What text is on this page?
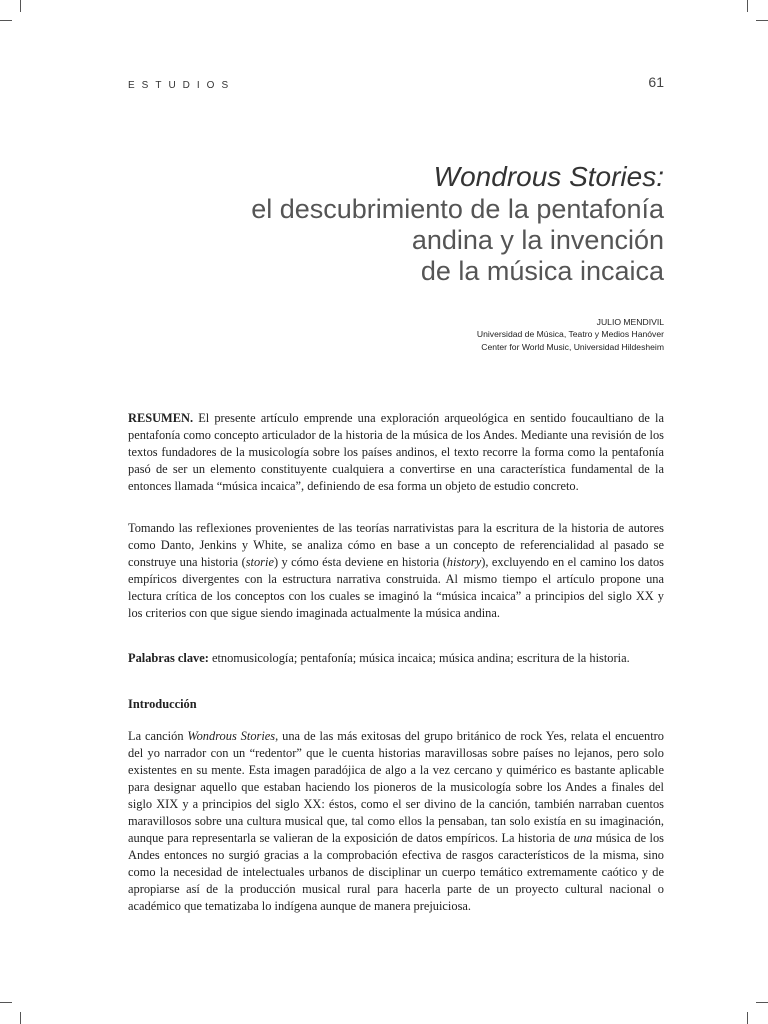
ESTUDIOS	61
Wondrous Stories:
el descubrimiento de la pentafonía
andina y la invención
de la música incaica
JULIO MENDIVIL
Universidad de Música, Teatro y Medios Hanóver
Center for World Music, Universidad Hildesheim

RESUMEN. El presente artículo emprende una exploración arqueológica en sentido foucaultiano de la pentafonía como concepto articulador de la historia de la música de los Andes. Mediante una revisión de los textos fundadores de la musicología sobre los países andinos, el texto recorre la forma como la pentafonía pasó de ser un elemento constituyente cualquiera a convertirse en una característica fundamental de la entonces llamada “música incaica”, definiendo de esa forma un objeto de estudio concreto.

Tomando las reflexiones provenientes de las teorías narrativistas para la escritura de la historia de autores como Danto, Jenkins y White, se analiza cómo en base a un concepto de referencialidad al pasado se construye una historia (storie) y cómo ésta deviene en historia (history), excluyendo en el camino los datos empíricos divergentes con la estructura narrativa construida. Al mismo tiempo el artículo propone una lectura crítica de los conceptos con los cuales se imaginó la “música incaica” a principios del siglo XX y los criterios con que sigue siendo imaginada actualmente la música andina.

Palabras clave: etnomusicología; pentafonía; música incaica; música andina; escritura de la historia.

Introducción

La canción Wondrous Stories, una de las más exitosas del grupo británico de rock Yes, relata el encuentro del yo narrador con un “redentor” que le cuenta historias maravillosas sobre países no lejanos, pero solo existentes en su mente. Esta imagen paradójica de algo a la vez cercano y quimérico es bastante aplicable para designar aquello que estaban haciendo los pioneros de la musicología sobre los Andes a finales del siglo XIX y a principios del siglo XX: éstos, como el ser divino de la canción, también narraban cuentos maravillosos sobre una cultura musical que, tal como ellos la pensaban, tan solo existía en su imaginación, aunque para representarla se valieran de la exposición de datos empíricos. La historia de una música de los Andes entonces no surgió gracias a la comprobación efectiva de rasgos característicos de la misma, sino como la necesidad de intelectuales urbanos de disciplinar un cuerpo temático extremamente caótico y de apropiarse así de la producción musical rural para hacerla parte de un proyecto cultural nacional o académico que tematizaba lo indígena aunque de manera prejuiciosa.
